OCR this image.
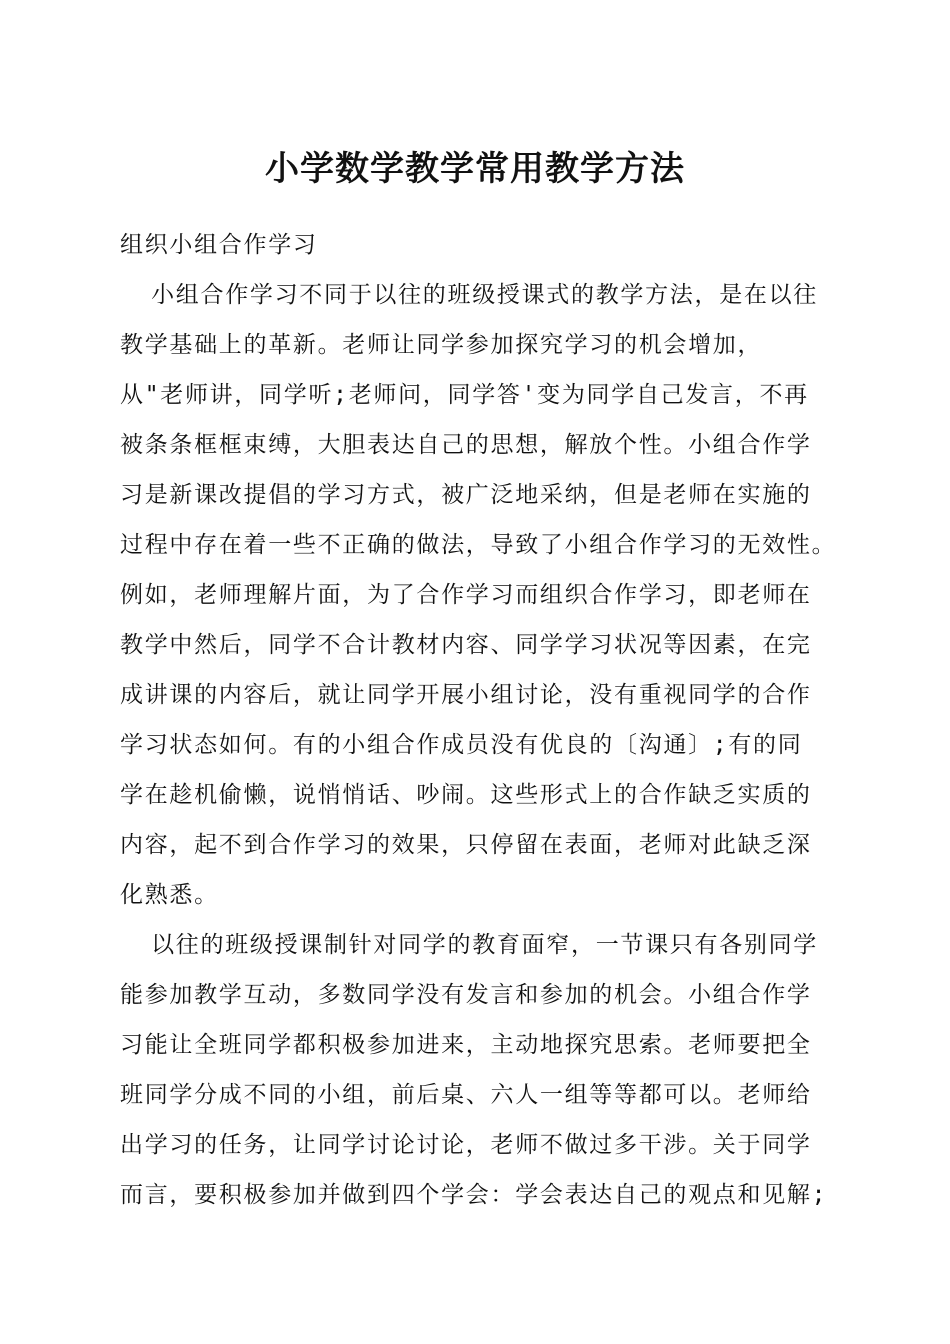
小学数学教学常用教学方法
组织小组合作学习
小组合作学习不同于以往的班级授课式的教学方法，是在以往
教学基础上的革新。老师让同学参加探究学习的机会增加，
从"老师讲，同学听;老师问，同学答'变为同学自己发言，不再
被条条框框束缚，大胆表达自己的思想，解放个性。小组合作学
习是新课改提倡的学习方式，被广泛地采纳，但是老师在实施的
过程中存在着一些不正确的做法，导致了小组合作学习的无效性。
例如，老师理解片面，为了合作学习而组织合作学习，即老师在
教学中然后，同学不合计教材内容、同学学习状况等因素，在完
成讲课的内容后，就让同学开展小组讨论，没有重视同学的合作
学习状态如何。有的小组合作成员没有优良的〔沟通〕;有的同
学在趁机偷懒，说悄悄话、吵闹。这些形式上的合作缺乏实质的
内容，起不到合作学习的效果，只停留在表面，老师对此缺乏深
化熟悉。
以往的班级授课制针对同学的教育面窄，一节课只有各别同学
能参加教学互动，多数同学没有发言和参加的机会。小组合作学
习能让全班同学都积极参加进来，主动地探究思索。老师要把全
班同学分成不同的小组，前后桌、六人一组等等都可以。老师给
出学习的任务，让同学讨论讨论，老师不做过多干涉。关于同学
而言，要积极参加并做到四个学会：学会表达自己的观点和见解;
